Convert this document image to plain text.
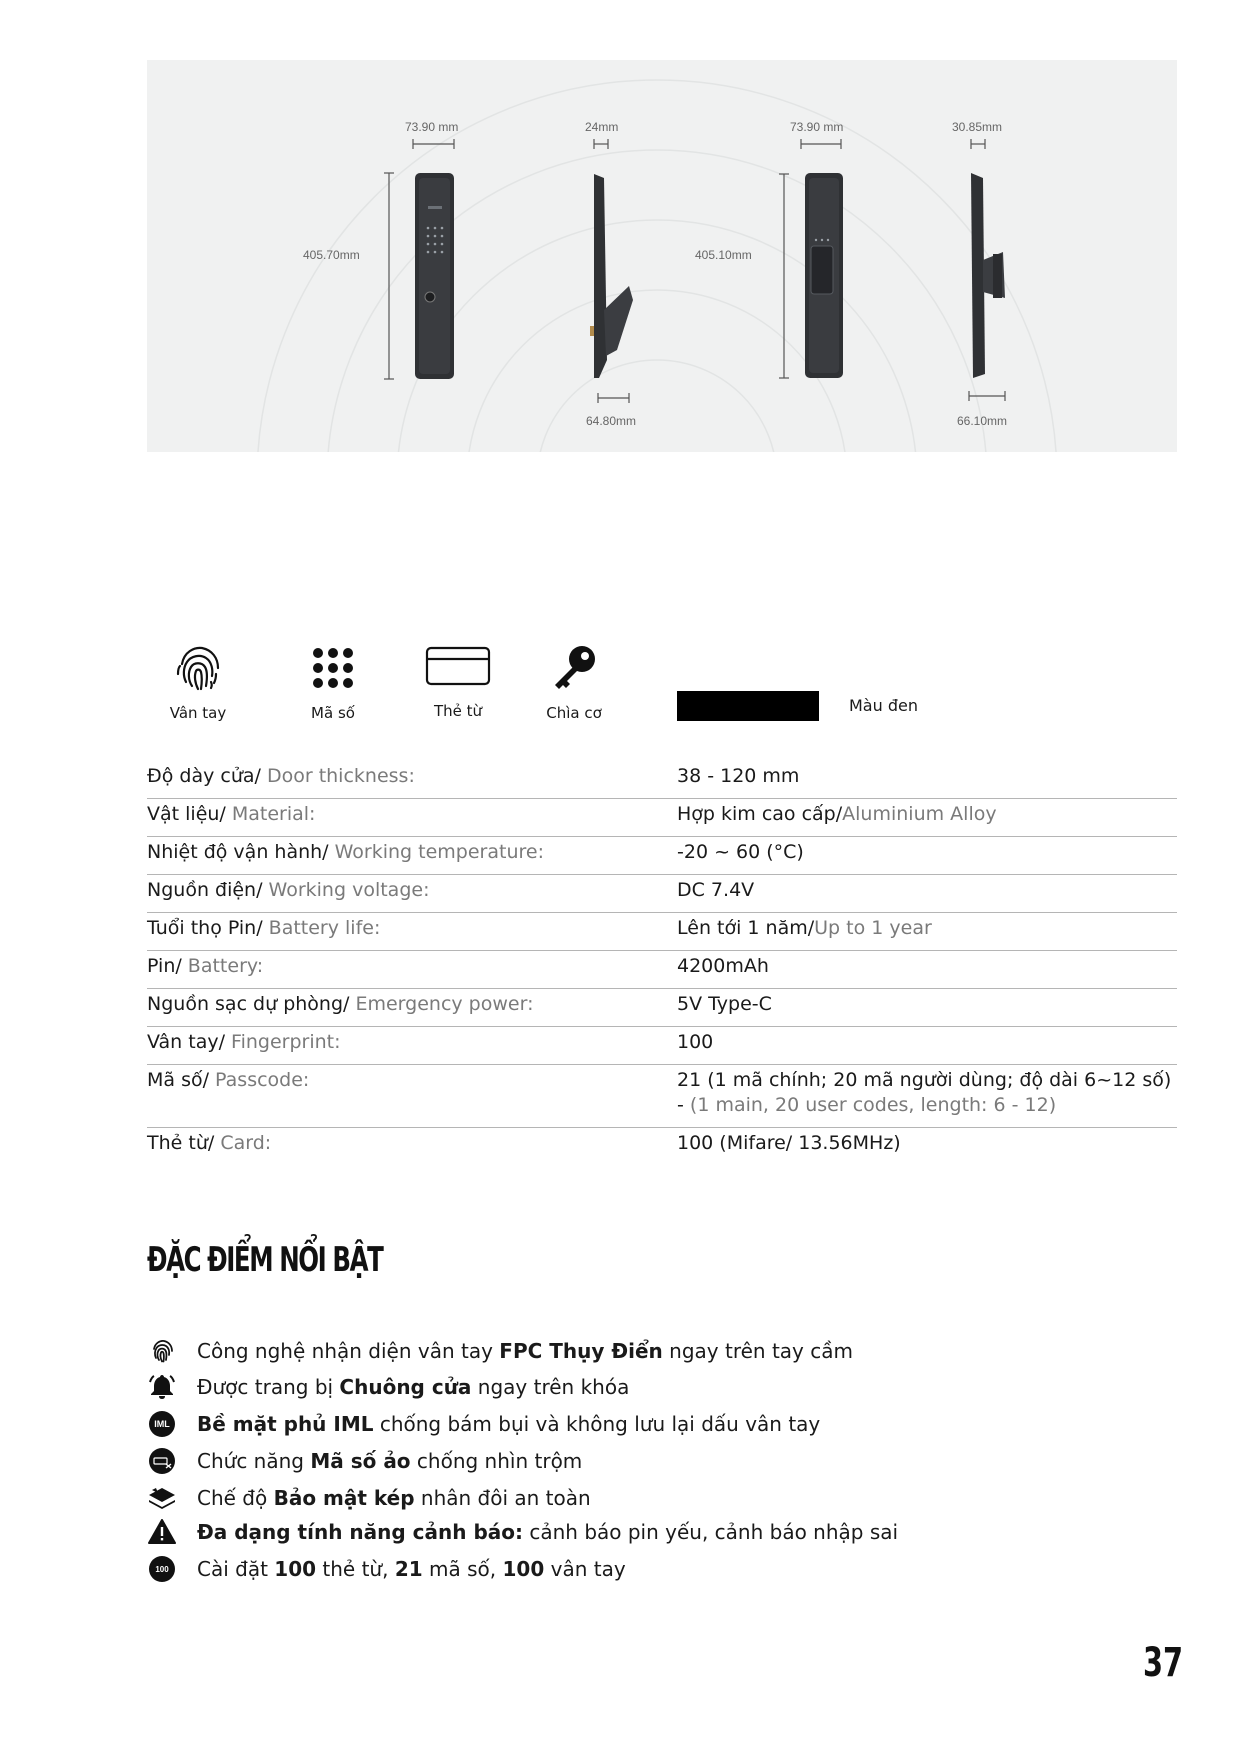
73.90 mm	24mm	73.90 mm	30.85mm
405.70mm	405.10mm
64.80mm	66.10mm
Vân tay	Mã số	Thẻ từ	Chìa cơ	Màu đen
Độ dày cửa/ Door thickness:	38 - 120 mm
Vật liệu/ Material:	Hợp kim cao cấp/Aluminium Alloy
Nhiệt độ vận hành/ Working temperature:	-20 ~ 60 (°C)
Nguồn điện/ Working voltage:	DC 7.4V
Tuổi thọ Pin/ Battery life:	Lên tới 1 năm/Up to 1 year
Pin/ Battery:	4200mAh
Nguồn sạc dự phòng/ Emergency power:	5V Type-C
Vân tay/ Fingerprint:	100
Mã số/ Passcode:	21 (1 mã chính; 20 mã người dùng; độ dài 6~12 số) - (1 main, 20 user codes, length: 6 - 12)
Thẻ từ/ Card:	100 (Mifare/ 13.56MHz)
ĐẶC ĐIỂM NỔI BẬT
Công nghệ nhận diện vân tay FPC Thụy Điển ngay trên tay cầm
Được trang bị Chuông cửa ngay trên khóa
IML Bề mặt phủ IML chống bám bụi và không lưu lại dấu vân tay
Chức năng Mã số ảo chống nhìn trộm
Chế độ Bảo mật kép nhân đôi an toàn
Đa dạng tính năng cảnh báo: cảnh báo pin yếu, cảnh báo nhập sai
100	Cài đặt 100 thẻ từ, 21 mã số, 100 vân tay
37
